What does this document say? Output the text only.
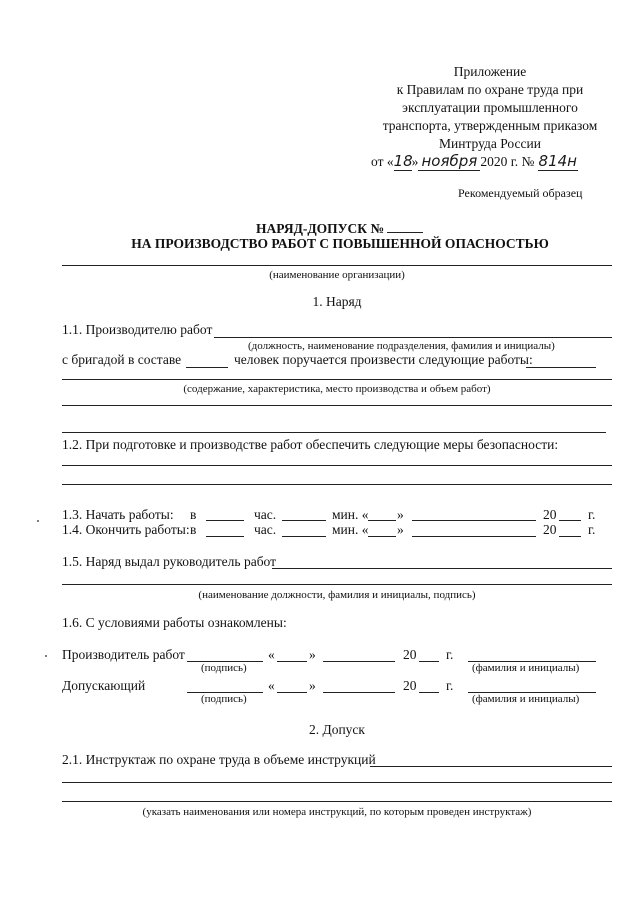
Приложение
к Правилам по охране труда при
эксплуатации промышленного
транспорта, утвержденным приказом
Минтруда России
от «18» ноября 2020 г. № 814н
Рекомендуемый образец
НАРЯД-ДОПУСК №
НА ПРОИЗВОДСТВО РАБОТ С ПОВЫШЕННОЙ ОПАСНОСТЬЮ
(наименование организации)
1. Наряд
1.1. Производителю работ
(должность, наименование подразделения, фамилия и инициалы)
с бригадой в составе	человек поручается произвести следующие работы:
(содержание, характеристика, место производства и объем работ)
1.2. При подготовке и производстве работ обеспечить следующие меры безопасности:
1.3. Начать работы: в	час.	мин. « »	20 г.
1.4. Окончить работы: в	час.	мин. « »	20 г.
1.5. Наряд выдал руководитель работ
(наименование должности, фамилия и инициалы, подпись)
1.6. С условиями работы ознакомлены:
Производитель работ
(подпись)
«	»	20 г.
(фамилия и инициалы)
Допускающий
(подпись)
«	»	20 г.
(фамилия и инициалы)
2. Допуск
2.1. Инструктаж по охране труда в объеме инструкций
(указать наименования или номера инструкций, по которым проведен инструктаж)
